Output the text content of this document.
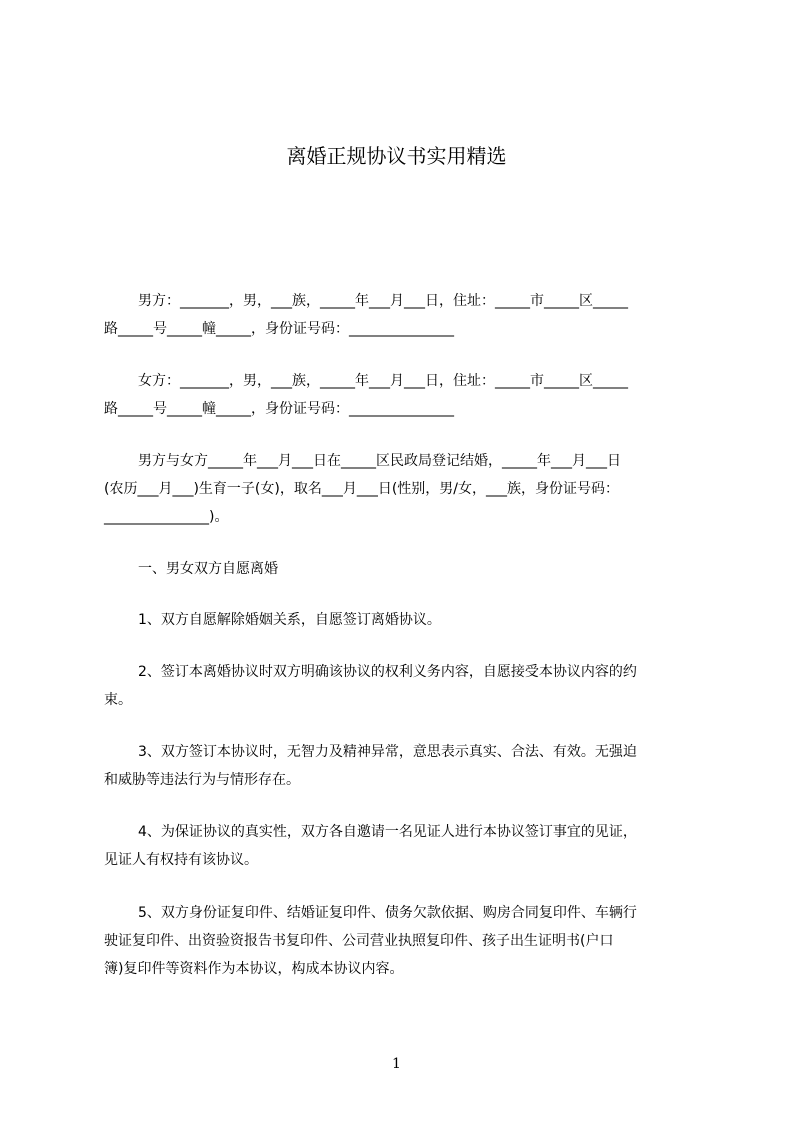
离婚正规协议书实用精选
男方：_______，男，___族，_____年___月___日，住址：_____市_____区_____
路_____号_____幢_____，身份证号码：_______________
女方：_______，男，___族，_____年___月___日，住址：_____市_____区_____
路_____号_____幢_____，身份证号码：_______________
男方与女方_____年___月___日在_____区民政局登记结婚，_____年___月___日
(农历___月___)生育一子(女)，取名___月___日(性别，男/女，___族，身份证号码：
_______________)。
一、男女双方自愿离婚
1、双方自愿解除婚姻关系，自愿签订离婚协议。
2、签订本离婚协议时双方明确该协议的权利义务内容，自愿接受本协议内容的约
束。
3、双方签订本协议时，无智力及精神异常，意思表示真实、合法、有效。无强迫
和威胁等违法行为与情形存在。
4、为保证协议的真实性，双方各自邀请一名见证人进行本协议签订事宜的见证，
见证人有权持有该协议。
5、双方身份证复印件、结婚证复印件、债务欠款依据、购房合同复印件、车辆行
驶证复印件、出资验资报告书复印件、公司营业执照复印件、孩子出生证明书(户口
簿)复印件等资料作为本协议，构成本协议内容。
1
